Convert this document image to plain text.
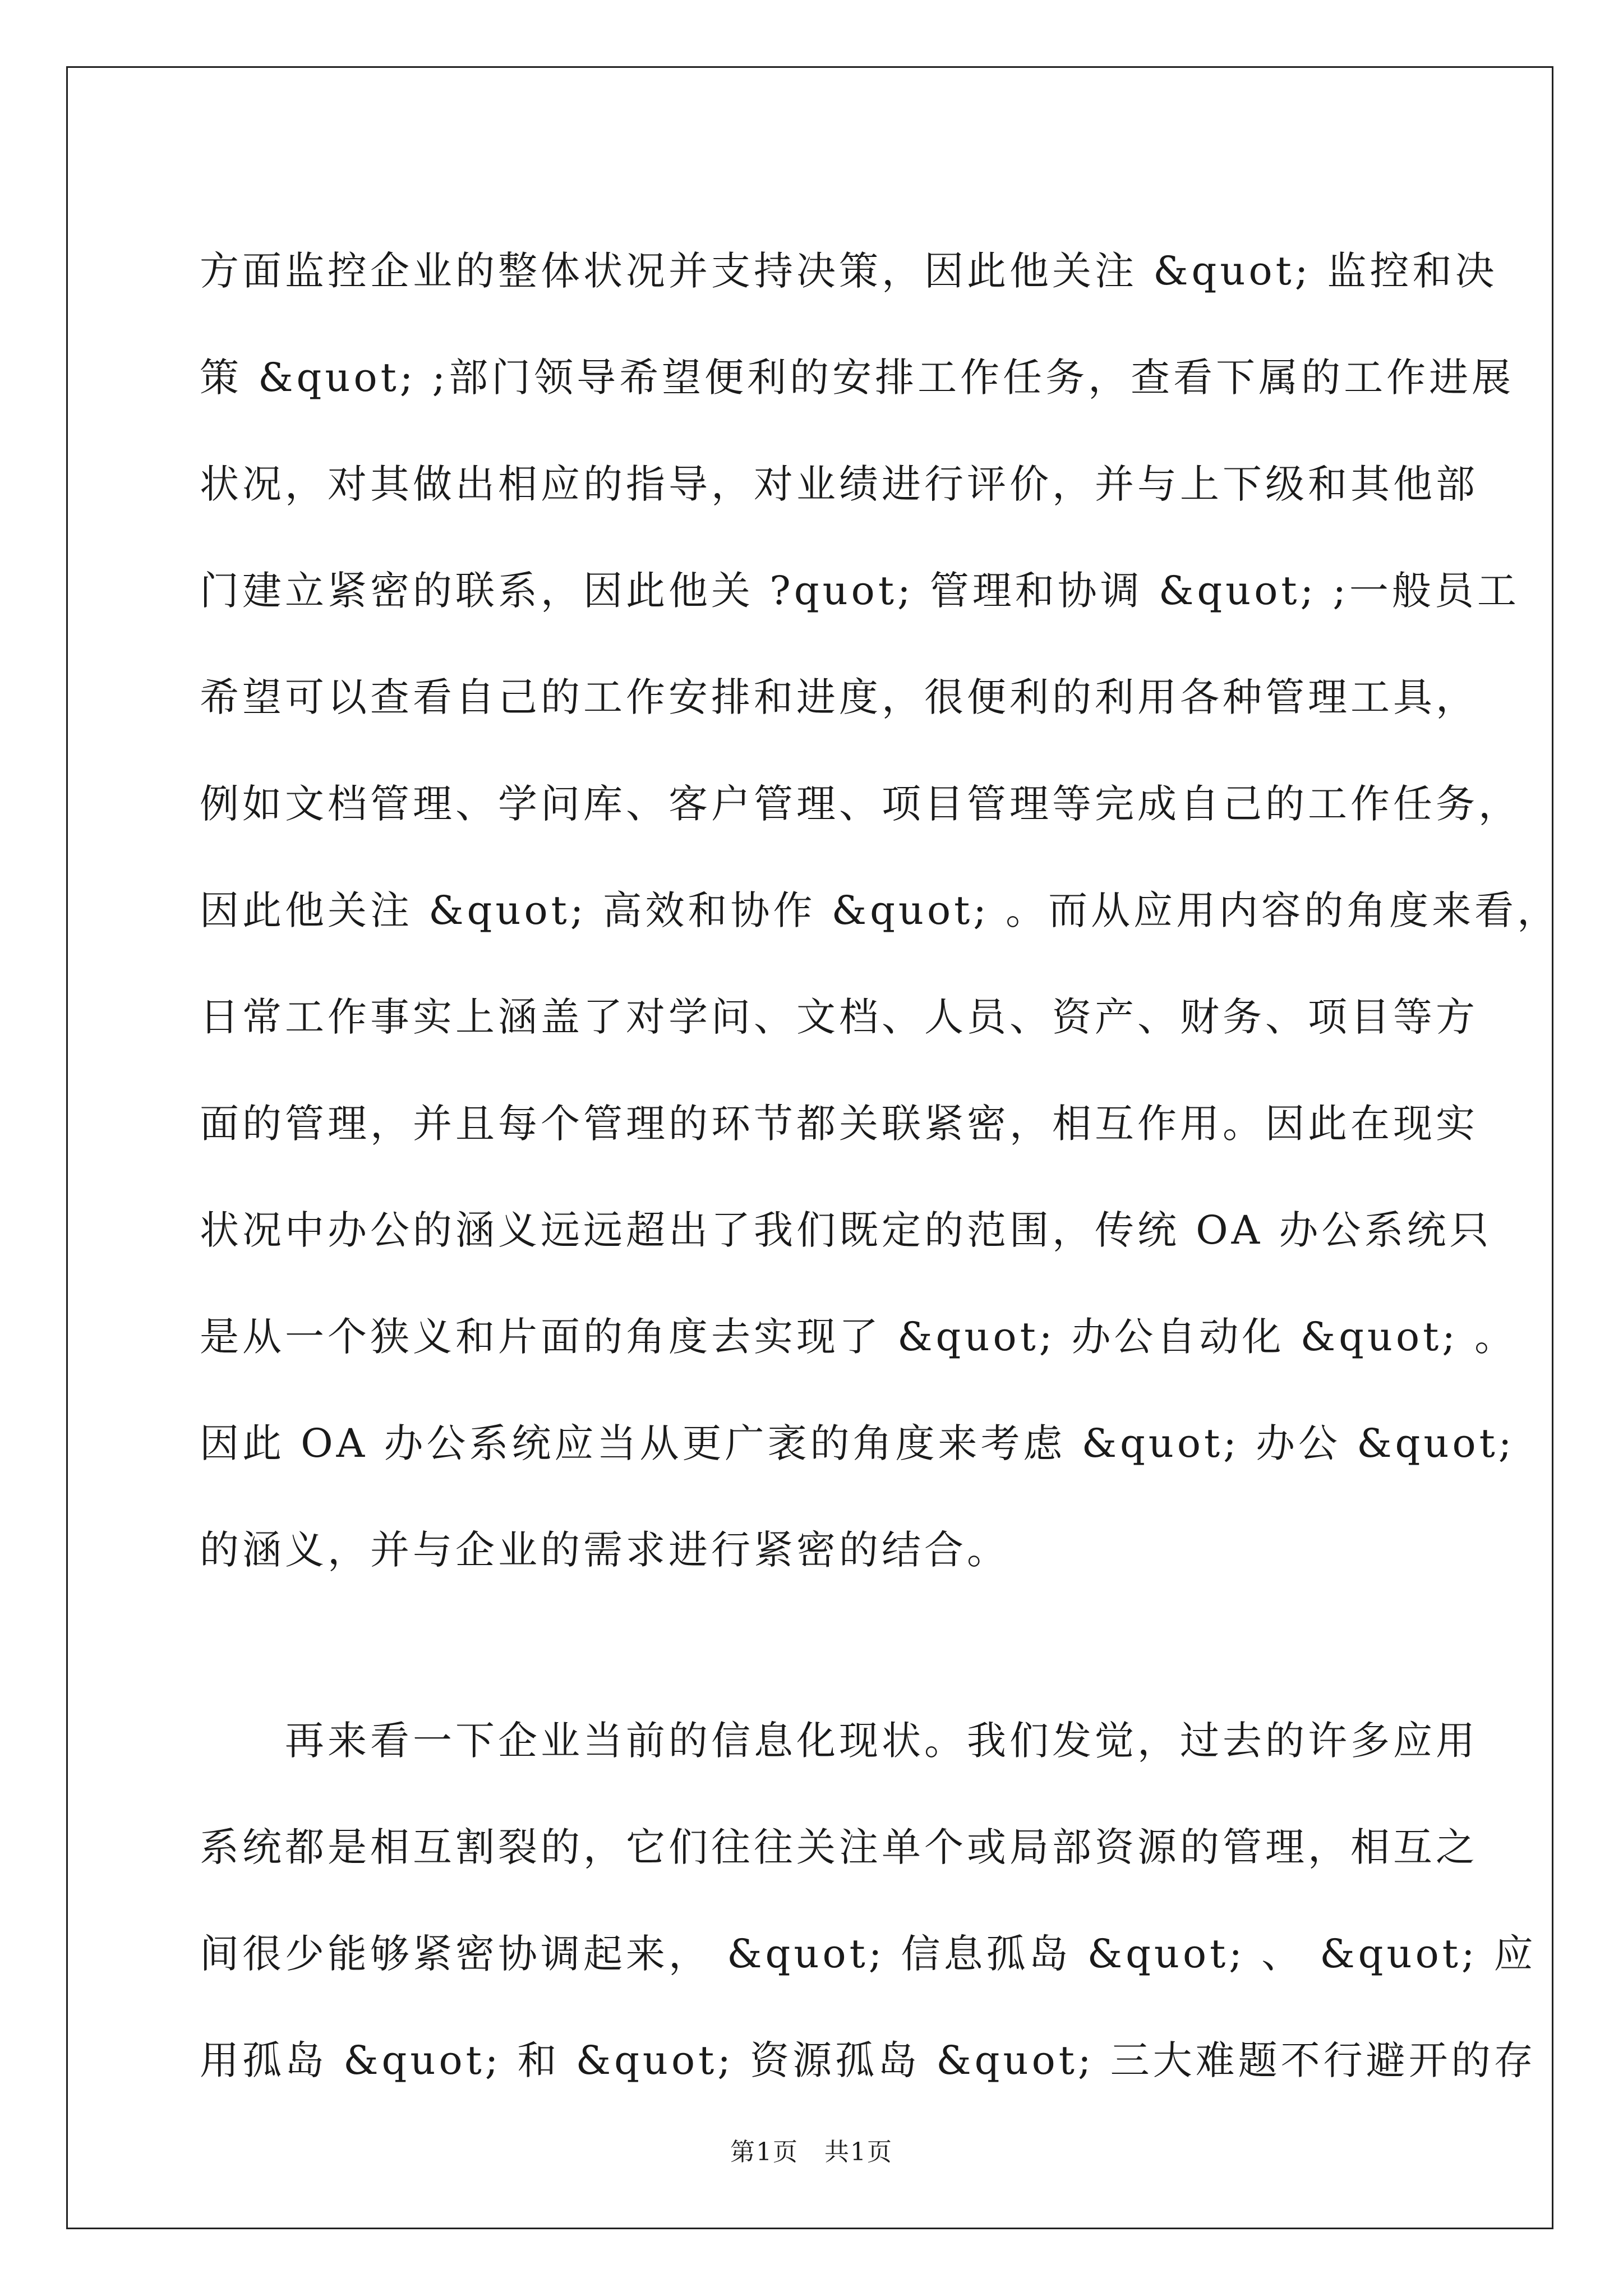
方面监控企业的整体状况并支持决策，因此他关注 &quot; 监控和决
策 &quot; ;部门领导希望便利的安排工作任务，查看下属的工作进展
状况，对其做出相应的指导，对业绩进行评价，并与上下级和其他部
门建立紧密的联系，因此他关 ?quot; 管理和协调 &quot; ;一般员工
希望可以查看自己的工作安排和进度，很便利的利用各种管理工具，
例如文档管理、学问库、客户管理、项目管理等完成自己的工作任务，
因此他关注 &quot; 高效和协作 &quot; 。而从应用内容的角度来看，
日常工作事实上涵盖了对学问、文档、人员、资产、财务、项目等方
面的管理，并且每个管理的环节都关联紧密，相互作用。因此在现实
状况中办公的涵义远远超出了我们既定的范围，传统 OA 办公系统只
是从一个狭义和片面的角度去实现了 &quot; 办公自动化 &quot; 。
因此 OA 办公系统应当从更广袤的角度来考虑 &quot; 办公 &quot;
的涵义，并与企业的需求进行紧密的结合。
　　再来看一下企业当前的信息化现状。我们发觉，过去的许多应用
系统都是相互割裂的，它们往往关注单个或局部资源的管理，相互之
间很少能够紧密协调起来， &quot; 信息孤岛 &quot; 、 &quot; 应
用孤岛 &quot; 和 &quot; 资源孤岛 &quot; 三大难题不行避开的存
第1页　共1页
